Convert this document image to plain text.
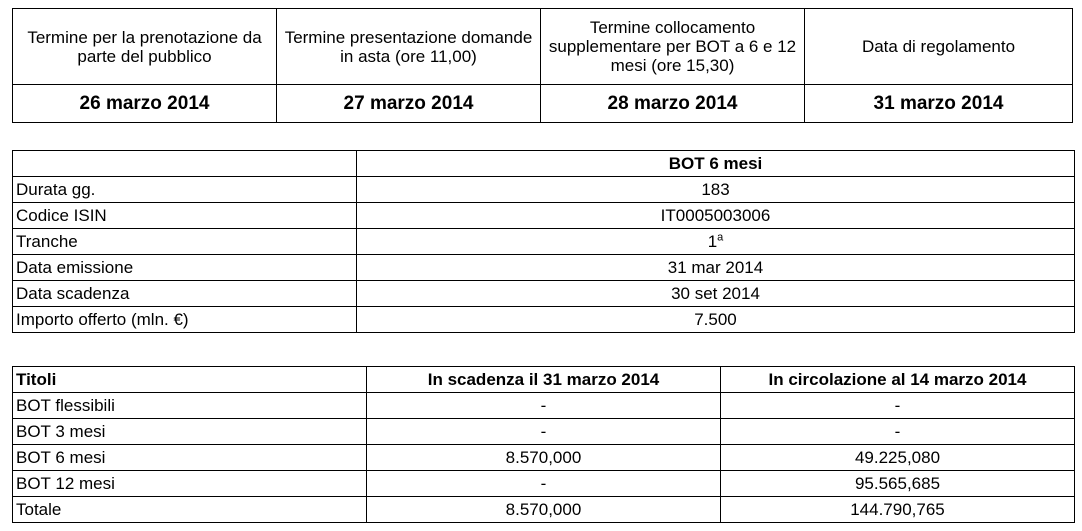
Termine per la prenotazione da parte del pubblico	Termine presentazione domande in asta (ore 11,00)	Termine collocamento supplementare per BOT a 6 e 12 mesi (ore 15,30)	Data di regolamento
26 marzo 2014	27 marzo 2014	28 marzo 2014	31 marzo 2014
	BOT 6 mesi
Durata gg.	183
Codice ISIN	IT0005003006
Tranche	1$^a$
Data emissione	31 mar 2014
Data scadenza	30 set 2014
Importo offerto (mln. €)	7.500
Titoli	In scadenza il 31 marzo 2014	In circolazione al 14 marzo 2014
BOT flessibili	-	-
BOT 3 mesi	-	-
BOT 6 mesi	8.570,000	49.225,080
BOT 12 mesi	-	95.565,685
Totale	8.570,000	144.790,765
